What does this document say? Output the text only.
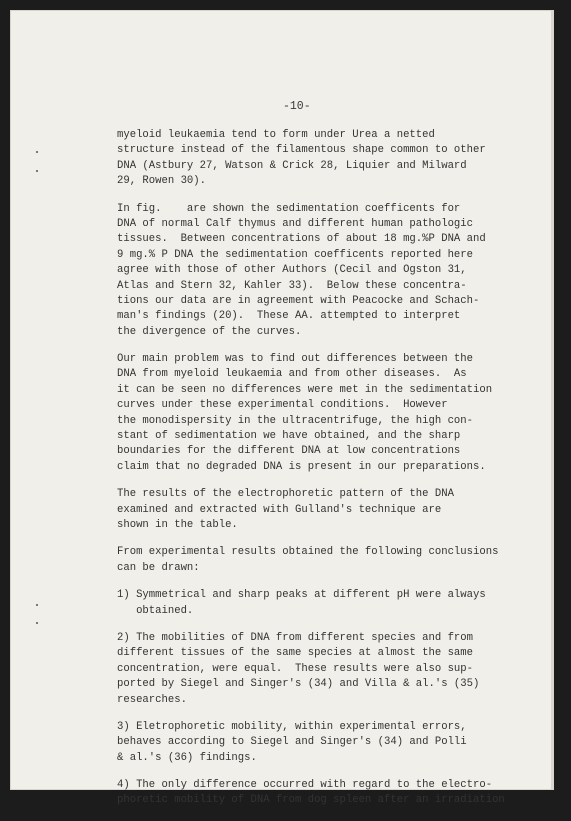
-10-
myeloid leukaemia tend to form under Urea a netted
structure instead of the filamentous shape common to other
DNA (Astbury 27, Watson & Crick 28, Liquier and Milward
29, Rowen 30).
In fig.    are shown the sedimentation coefficents for
DNA of normal Calf thymus and different human pathologic
tissues.  Between concentrations of about 18 mg.%P DNA and
9 mg.% P DNA the sedimentation coefficents reported here
agree with those of other Authors (Cecil and Ogston 31,
Atlas and Stern 32, Kahler 33).  Below these concentra-
tions our data are in agreement with Peacocke and Schach-
man's findings (20).  These AA. attempted to interpret
the divergence of the curves.
Our main problem was to find out differences between the
DNA from myeloid leukaemia and from other diseases.  As
it can be seen no differences were met in the sedimentation
curves under these experimental conditions.  However
the monodispersity in the ultracentrifuge, the high con-
stant of sedimentation we have obtained, and the sharp
boundaries for the different DNA at low concentrations
claim that no degraded DNA is present in our preparations.
The results of the electrophoretic pattern of the DNA
examined and extracted with Gulland's technique are
shown in the table.
From experimental results obtained the following conclusions
can be drawn:
1) Symmetrical and sharp peaks at different pH were always
obtained.
2) The mobilities of DNA from different species and from
different tissues of the same species at almost the same
concentration, were equal.  These results were also sup-
ported by Siegel and Singer's (34) and Villa & al.'s (35)
researches.
3) Eletrophoretic mobility, within experimental errors,
behaves according to Siegel and Singer's (34) and Polli
& al.'s (36) findings.
4) The only difference occurred with regard to the electro-
phoretic mobility of DNA from dog spleen after an irradiation
